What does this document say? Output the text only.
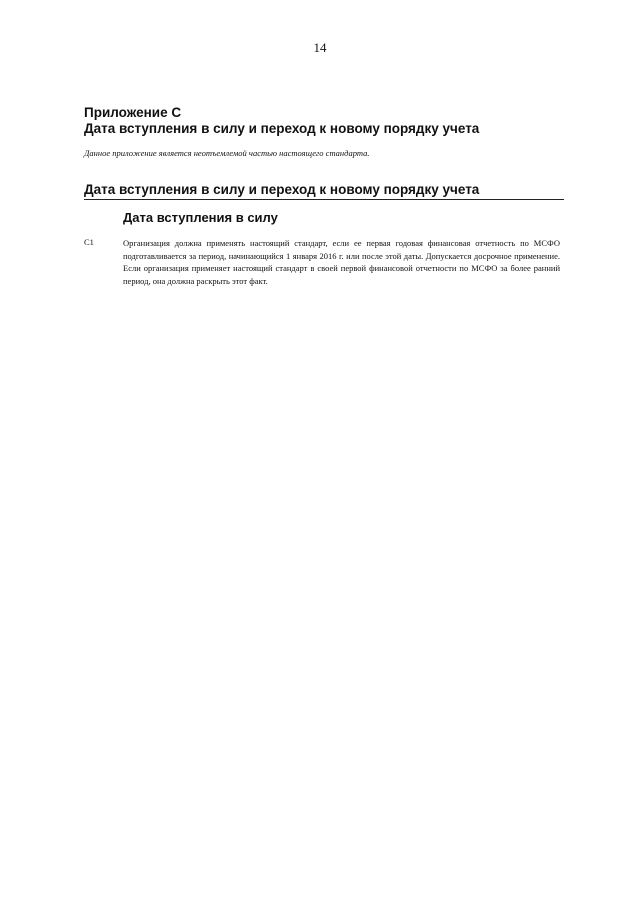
14
Приложение С
Дата вступления в силу и переход к новому порядку учета
Данное приложение является неотъемлемой частью настоящего стандарта.
Дата вступления в силу и переход к новому порядку учета
Дата вступления в силу
С1	Организация должна применять настоящий стандарт, если ее первая годовая финансовая отчетность по МСФО подготавливается за период, начинающийся 1 января 2016 г. или после этой даты. Допускается досрочное применение. Если организация применяет настоящий стандарт в своей первой финансовой отчетности по МСФО за более ранний период, она должна раскрыть этот факт.
